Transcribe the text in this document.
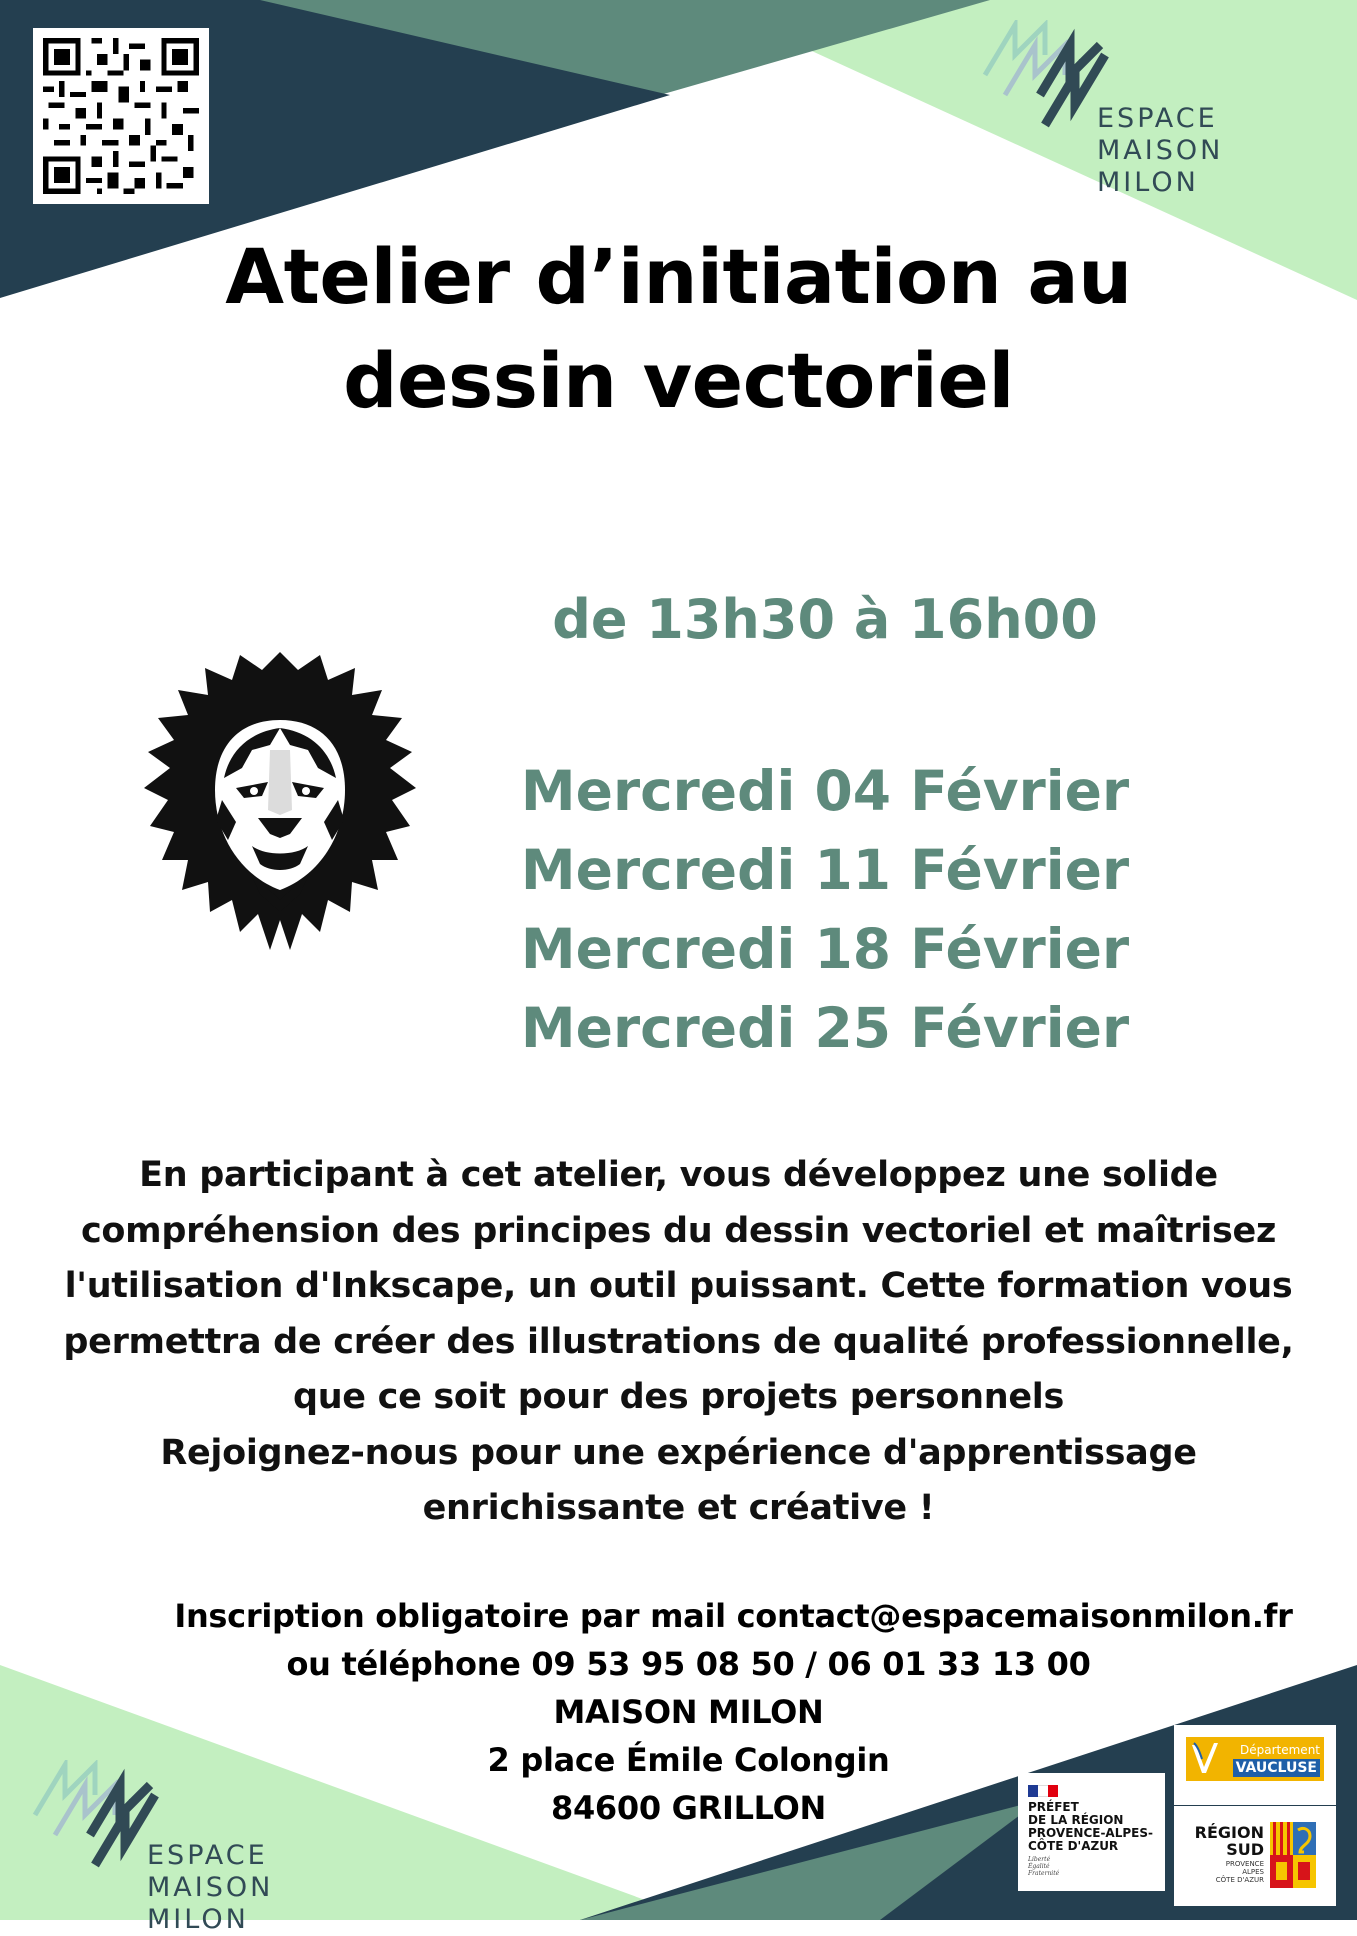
ESPACE
MAISON MILON
Atelier d’initiation au
dessin vectoriel
de 13h30 à 16h00
Mercredi 04 Février
Mercredi 11 Février
Mercredi 18 Février
Mercredi 25 Février
En participant à cet atelier, vous développez une solide
compréhension des principes du dessin vectoriel et maîtrisez
l'utilisation d'Inkscape, un outil puissant. Cette formation vous
permettra de créer des illustrations de qualité professionnelle,
que ce soit pour des projets personnels
Rejoignez-nous pour une expérience d'apprentissage
enrichissante et créative !
Inscription obligatoire par mail contact@espacemaisonmilon.fr
ou téléphone 09 53 95 08 50 / 06 01 33 13 00
MAISON MILON
2 place Émile Colongin
84600 GRILLON
ESPACE
MAISON MILON
PRÉFET
DE LA RÉGION
PROVENCE-ALPES-
CÔTE D'AZUR
Liberté
Égalité
Fraternité
Département
VAUCLUSE
RÉGION
SUD
PROVENCE
ALPES
CÔTE D'AZUR
